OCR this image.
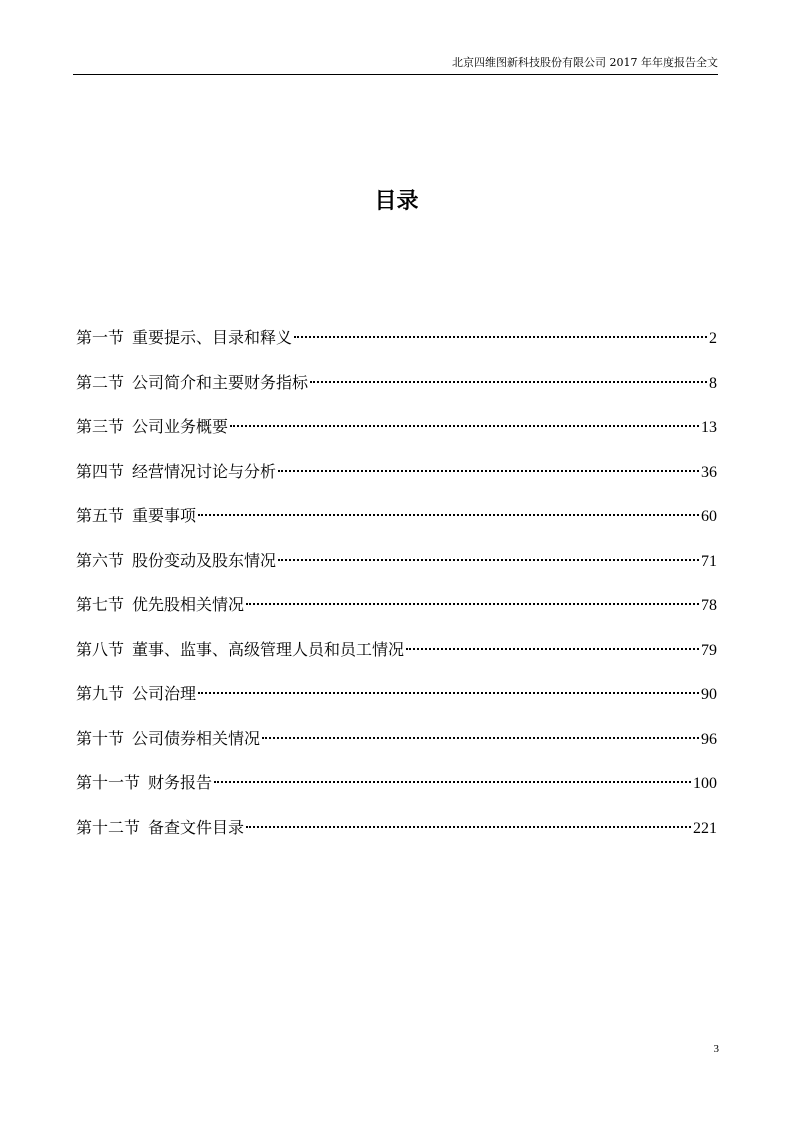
北京四维图新科技股份有限公司 2017 年年度报告全文
目录
第一节 重要提示、目录和释义	2
第二节 公司简介和主要财务指标	8
第三节 公司业务概要	13
第四节 经营情况讨论与分析	36
第五节 重要事项	60
第六节 股份变动及股东情况	71
第七节 优先股相关情况	78
第八节 董事、监事、高级管理人员和员工情况	79
第九节 公司治理	90
第十节 公司债券相关情况	96
第十一节 财务报告	100
第十二节 备查文件目录	221
3
